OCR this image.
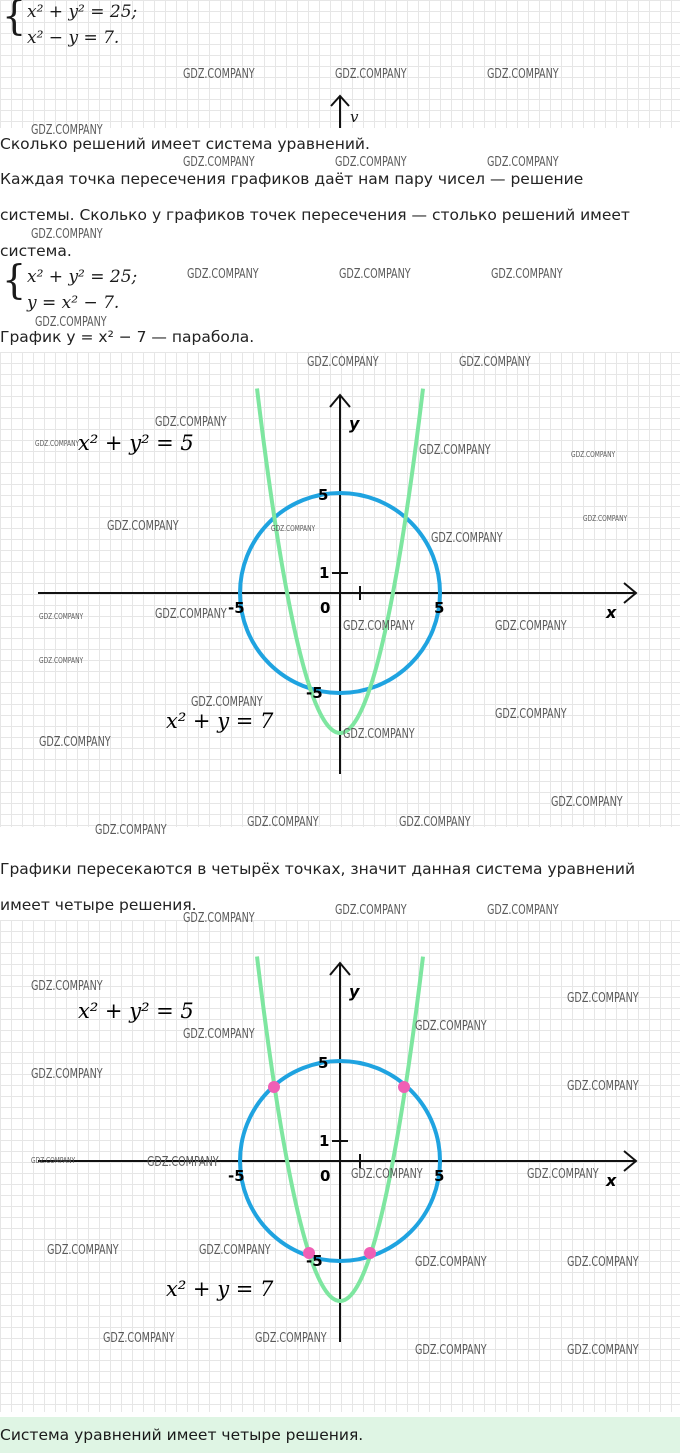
{ x² + y² = 25;
x² − y = 7.
v
Сколько решений имеет система уравнений.
Каждая точка пересечения графиков даёт нам пару чисел — решение
системы. Сколько у графиков точек пересечения — столько решений имеет
система.
{ x² + y² = 25;
y = x² − 7.
График y = x² − 7 — парабола.
y
x
5
1
-5	0	5
-5
x² + y² = 5
x² + y = 7
Графики пересекаются в четырёх точках, значит данная система уравнений
имеет четыре решения.
y
x
5
1
-5	0	5
-5
x² + y² = 5
x² + y = 7
Система уравнений имеет четыре решения.
GDZ.COMPANY	GDZ.COMPANY	GDZ.COMPANY
GDZ.COMPANY
GDZ.COMPANY	GDZ.COMPANY	GDZ.COMPANY
GDZ.COMPANY
GDZ.COMPANY	GDZ.COMPANY	GDZ.COMPANY
GDZ.COMPANY
GDZ.COMPANY	GDZ.COMPANY
GDZ.COMPANY
GDZ.COMPANY	GDZ.COMPANY	GDZ.COMPANY
GDZ.COMPANY
GDZ.COMPANY	GDZ.COMPANY
GDZ.COMPANY
GDZ.COMPANY	GDZ.COMPANY
GDZ.COMPANY	GDZ.COMPANY
GDZ.COMPANY
GDZ.COMPANY
GDZ.COMPANY
GDZ.COMPANY
GDZ.COMPANY
GDZ.COMPANY
GDZ.COMPANY	GDZ.COMPANY
GDZ.COMPANY
GDZ.COMPANY
GDZ.COMPANY	GDZ.COMPANY
GDZ.COMPANY
GDZ.COMPANY
GDZ.COMPANY
GDZ.COMPANY
GDZ.COMPANY
GDZ.COMPANY
GDZ.COMPANY	GDZ.COMPANY
GDZ.COMPANY	GDZ.COMPANY
GDZ.COMPANY	GDZ.COMPANY
GDZ.COMPANY	GDZ.COMPANY
GDZ.COMPANY	GDZ.COMPANY
GDZ.COMPANY	GDZ.COMPANY
